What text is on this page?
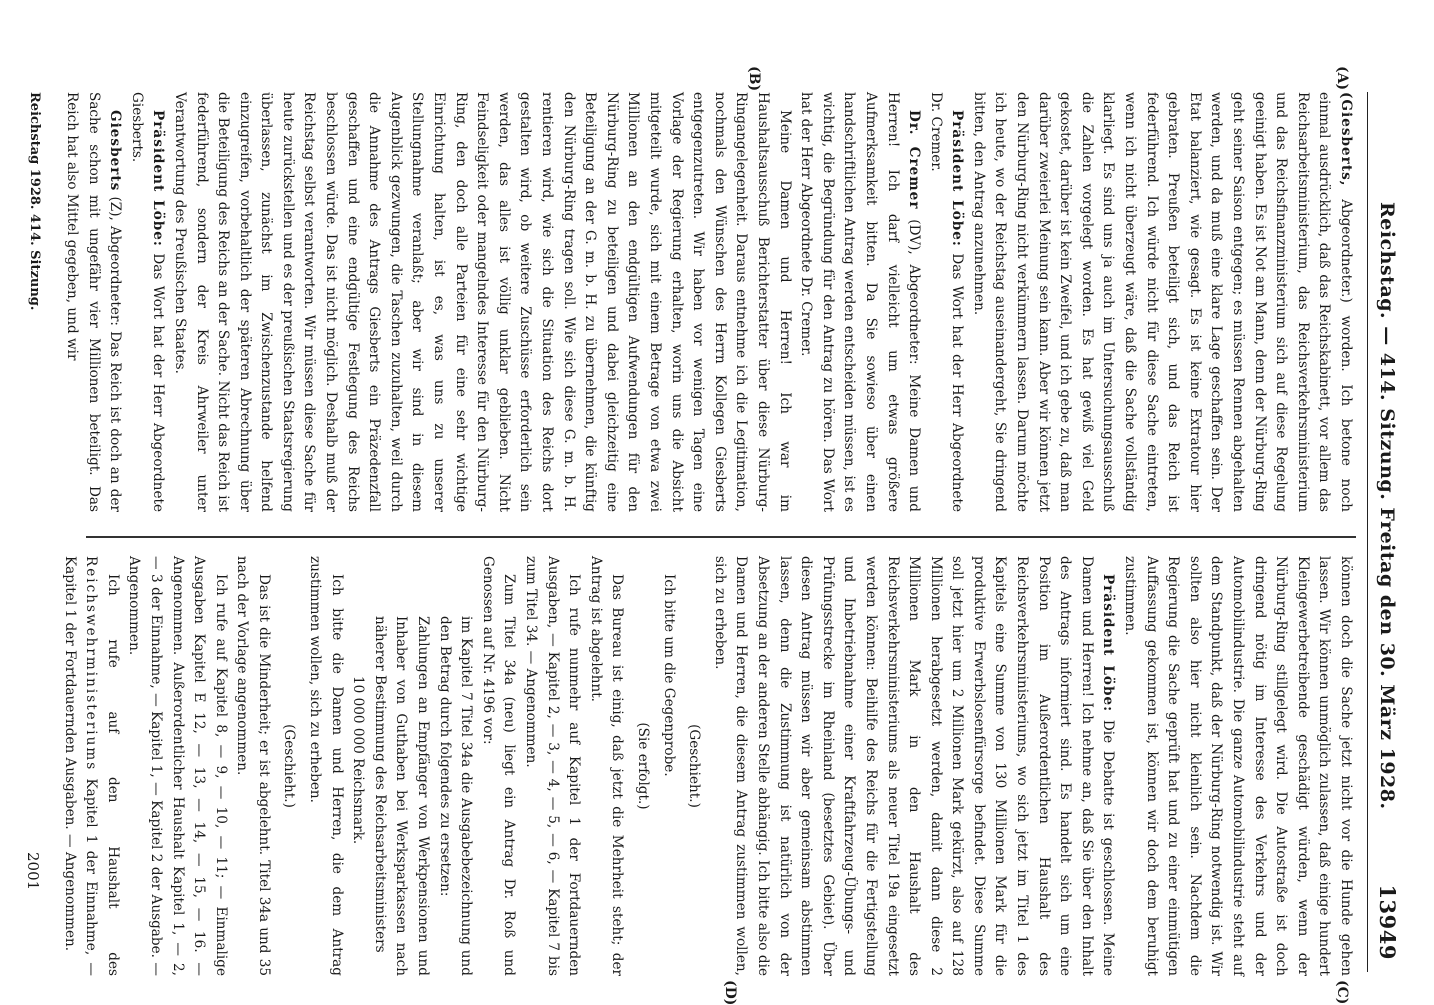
Reichstag. — 414. Sitzung. Freitag den 30. März 1928.
13949
(A)
(B)
(C)
(D)

(Giesberts, Abgeordneter.) worden. Ich betone noch einmal ausdrücklich, daß das Reichskabinett, vor allem das Reichsarbeitsministerium, das Reichsverkehrsministerium und das Reichsfinanzministerium sich auf diese Regelung geeinigt haben. Es ist Not am Mann, denn der Nürburg-Ring geht seiner Saison entgegen; es müssen Rennen abgehalten werden, und da muß eine klare Lage geschaffen sein. Der Etat balanziert, wie gesagt. Es ist keine Extratour hier gebraten. Preußen beteiligt sich, und das Reich ist federführend. Ich würde nicht für diese Sache eintreten, wenn ich nicht überzeugt wäre, daß die Sache vollständig klarliegt. Es sind uns ja auch im Untersuchungsausschuß die Zahlen vorgelegt worden. Es hat gewiß viel Geld gekostet, darüber ist kein Zweifel, und ich gebe zu, daß man darüber zweierlei Meinung sein kann. Aber wir können jetzt den Nürburg-Ring nicht verkümmern lassen. Darum möchte ich heute, wo der Reichstag auseinandergeht, Sie dringend bitten, den Antrag anzunehmen.

Präsident Löbe: Das Wort hat der Herr Abgeordnete Dr. Cremer.

Dr. Cremer (DV), Abgeordneter: Meine Damen und Herren! Ich darf vielleicht um etwas größere Aufmerksamkeit bitten. Da Sie sowieso über einen handschriftlichen Antrag werden entscheiden müssen, ist es wichtig, die Begründung für den Antrag zu hören. Das Wort hat der Herr Abgeordnete Dr. Cremer.

Meine Damen und Herren! Ich war im Haushaltsausschuß Berichterstatter über diese Nürburg-Ringangelegenheit. Daraus entnehme ich die Legitimation, nochmals den Wünschen des Herrn Kollegen Giesberts entgegenzutreten. Wir haben vor wenigen Tagen eine Vorlage der Regierung erhalten, worin uns die Absicht mitgeteilt wurde, sich mit einem Betrage von etwa zwei Millionen an den endgültigen Aufwendungen für den Nürburg-Ring zu beteiligen und dabei gleichzeitig eine Beteiligung an der G. m. b. H. zu übernehmen, die künftig den Nürburg-Ring tragen soll. Wie sich diese G. m. b. H. rentieren wird, wie sich die Situation des Reichs dort gestalten wird, ob weitere Zuschüsse erforderlich sein werden, das alles ist völlig unklar geblieben. Nicht Feindseligkeit oder mangelndes Interesse für den Nürburg-Ring, den doch alle Parteien für eine sehr wichtige Einrichtung halten, ist es, was uns zu unserer Stellungnahme veranlaßt; aber wir sind in diesem Augenblick gezwungen, die Taschen zuzuhalten, weil durch die Annahme des Antrags Giesberts ein Präzedenzfall geschaffen und eine endgültige Festlegung des Reichs beschlossen würde. Das ist nicht möglich. Deshalb muß der Reichstag selbst verantworten. Wir müssen diese Sache für heute zurückstellen und es der preußischen Staatsregierung überlassen, zunächst im Zwischenzustande helfend einzugreifen, vorbehaltlich der späteren Abrechnung über die Beteiligung des Reichs an der Sache. Nicht das Reich ist federführend, sondern der Kreis Ahrweiler unter Verantwortung des Preußischen Staates.

Präsident Löbe: Das Wort hat der Herr Abgeordnete Giesberts.

Giesberts (Z), Abgeordneter: Das Reich ist doch an der Sache schon mit ungefähr vier Millionen beteiligt. Das Reich hat also Mittel gegeben, und wir

können doch die Sache jetzt nicht vor die Hunde gehen lassen. Wir können unmöglich zulassen, daß einige hundert Kleingewerbetreibende geschädigt würden, wenn der Nürburg-Ring stillgelegt wird. Die Autostraße ist doch dringend nötig im Interesse des Verkehrs und der Automobilindustrie. Die ganze Automobilindustrie steht auf dem Standpunkt, daß der Nürburg-Ring notwendig ist. Wir sollten also hier nicht kleinlich sein. Nachdem die Regierung die Sache geprüft hat und zu einer einmütigen Auffassung gekommen ist, können wir doch dem beruhigt zustimmen.

Präsident Löbe: Die Debatte ist geschlossen. Meine Damen und Herren! Ich nehme an, daß Sie über den Inhalt des Antrags informiert sind. Es handelt sich um eine Position im Außerordentlichen Haushalt des Reichsverkehrsministeriums, wo sich jetzt im Titel 1 des Kapitels eine Summe von 130 Millionen Mark für die produktive Erwerbslosenfürsorge befindet. Diese Summe soll jetzt hier um 2 Millionen Mark gekürzt, also auf 128 Millionen herabgesetzt werden, damit dann diese 2 Millionen Mark in den Haushalt des Reichsverkehrsministeriums als neuer Titel 19a eingesetzt werden können: Beihilfe des Reichs für die Fertigstellung und Inbetriebnahme einer Kraftfahrzeug-Übungs- und Prüfungsstrecke im Rheinland (besetztes Gebiet). Über diesen Antrag müssen wir aber gemeinsam abstimmen lassen, denn die Zustimmung ist natürlich von der Absetzung an der anderen Stelle abhängig. Ich bitte also die Damen und Herren, die diesem Antrag zustimmen wollen, sich zu erheben.

(Geschieht.)

Ich bitte um die Gegenprobe.

(Sie erfolgt.)

Das Bureau ist einig, daß jetzt die Mehrheit steht; der Antrag ist abgelehnt.

Ich rufe nunmehr auf Kapitel 1 der Fortdauernden Ausgaben, — Kapitel 2, — 3, — 4, — 5, — 6, — Kapitel 7 bis zum Titel 34. — Angenommen.

Zum Titel 34a (neu) liegt ein Antrag Dr. Roß und Genossen auf Nr. 4196 vor:

im Kapitel 7 Titel 34a die Ausgabebezeichnung und den Betrag durch folgendes zu ersetzen:

Zahlungen an Empfänger von Werkpensionen und Inhaber von Guthaben bei Werksparkassen nach näherer Bestimmung des Reichsarbeitsministers

10 000 000 Reichsmark.

Ich bitte die Damen und Herren, die dem Antrag zustimmen wollen, sich zu erheben.

(Geschieht.)

Das ist die Minderheit; er ist abgelehnt. Titel 34a und 35 nach der Vorlage angenommen.

Ich rufe auf Kapitel 8, — 9, — 10, — 11; — Einmalige Ausgaben Kapitel E 12, — 13, — 14, — 15, — 16. — Angenommen. Außerordentlicher Haushalt Kapitel 1, — 2, — 3 der Einnahme, — Kapitel 1, — Kapitel 2 der Ausgabe. — Angenommen.

Ich rufe auf den Haushalt des Reichswehrministeriums Kapitel 1 der Einnahme, — Kapitel 1 der Fortdauernden Ausgaben. — Angenommen.

Reichstag 1928. 414. Sitzung.
2001
